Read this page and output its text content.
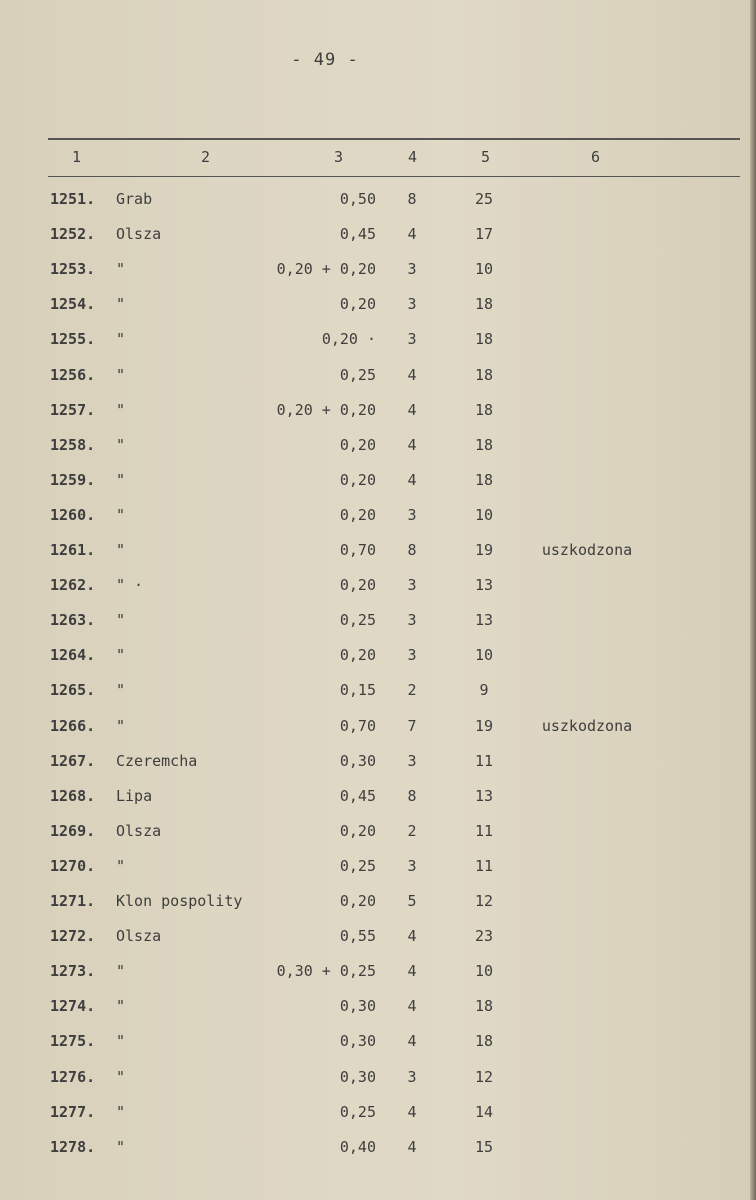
- 49 -
1	2	3	4	5	6
1251. Grab	0,50 8	25
1252. Olsza	0,45 4	17
1253. "	0,20 + 0,20 3	10
1254. "	0,20 3	18
1255. "	0,20 · 3	18
1256. "	0,25 4	18
1257. "	0,20 + 0,20 4	18
1258. "	0,20 4	18
1259. "	0,20 4	18
1260. "	0,20 3	10
1261. "	0,70 8	19	uszkodzona
1262. " ·	0,20 3	13
1263. "	0,25 3	13
1264. "	0,20 3	10
1265. "	0,15 2	9
1266. "	0,70 7	19	uszkodzona
1267. Czeremcha	0,30 3	11
1268. Lipa	0,45 8	13
1269. Olsza	0,20 2	11
1270. "	0,25 3	11
1271. Klon pospolity	0,20 5	12
1272. Olsza	0,55 4	23
1273. "	0,30 + 0,25 4	10
1274. "	0,30 4	18
1275. "	0,30 4	18
1276. "	0,30 3	12
1277. "	0,25 4	14
1278. "	0,40 4	15
